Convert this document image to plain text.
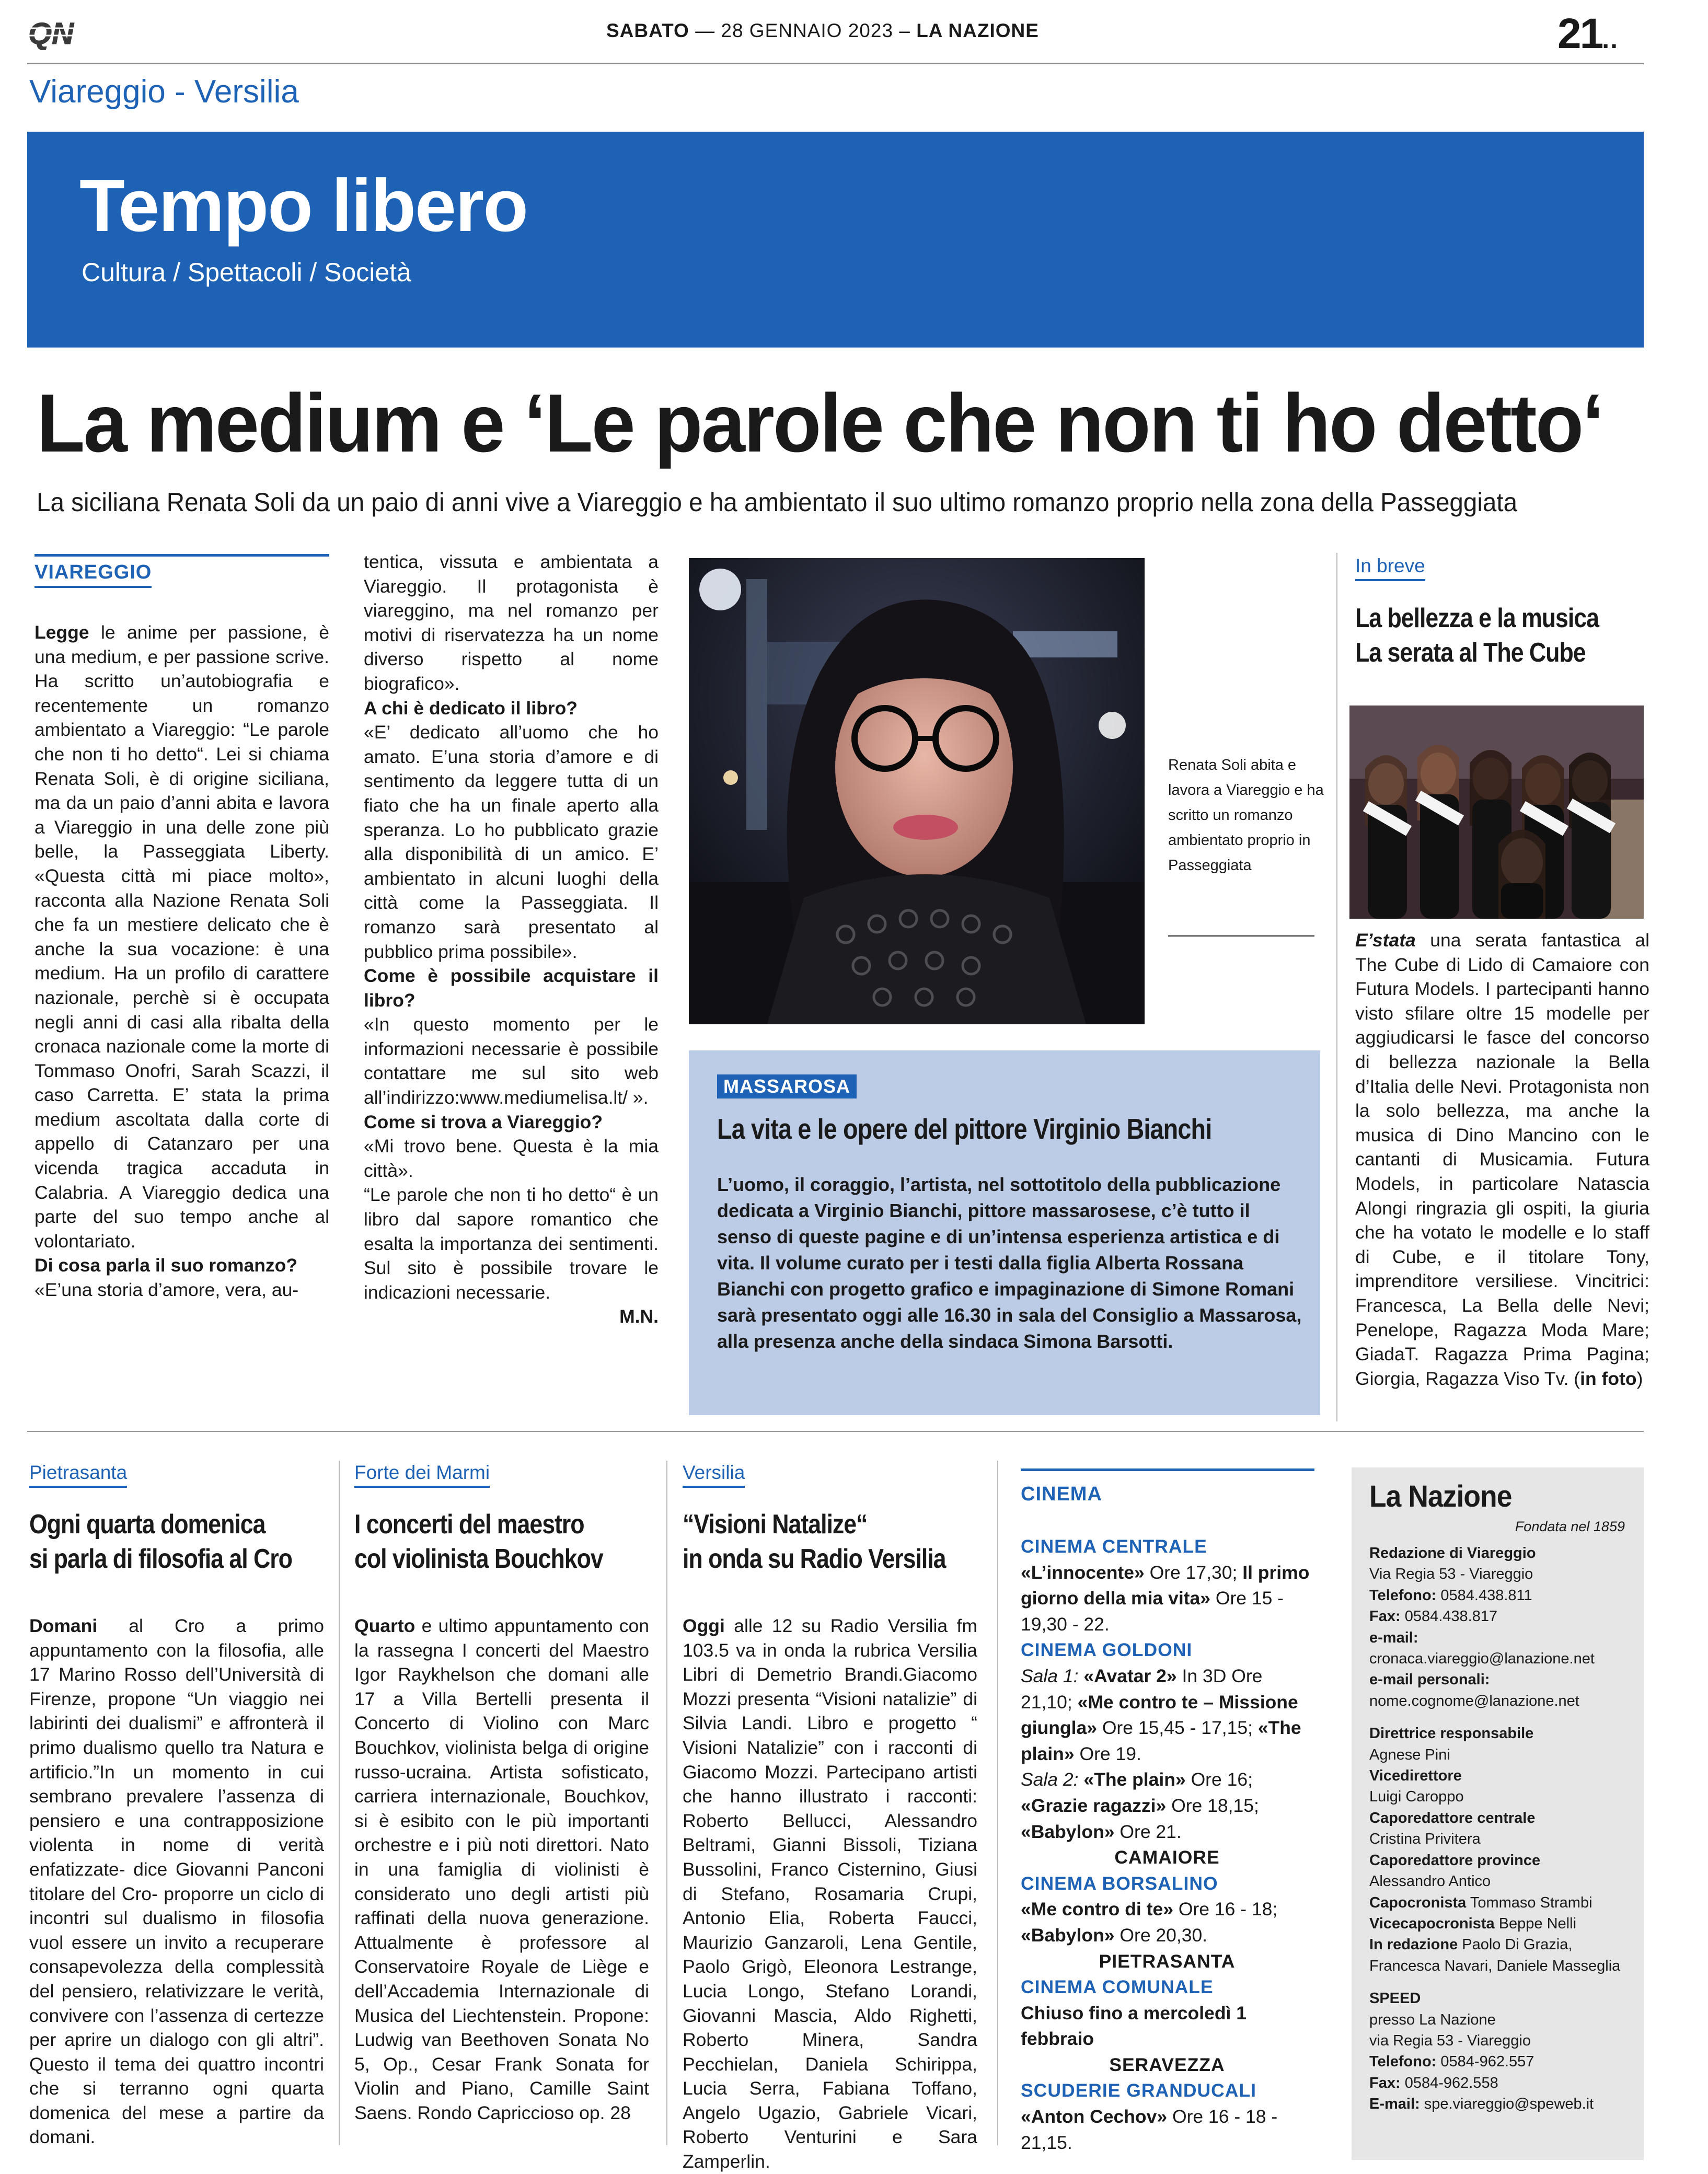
QN	SABATO — 28 GENNAIO 2023 – LA NAZIONE	21..
Viareggio - Versilia
Tempo libero
Cultura / Spettacoli / Società
La medium e ‘Le parole che non ti ho detto‘
La siciliana Renata Soli da un paio di anni vive a Viareggio e ha ambientato il suo ultimo romanzo proprio nella zona della Passeggiata
VIAREGGIO

Legge le anime per passione, è una medium, e per passione scrive. Ha scritto un’autobiografia e recentemente un romanzo ambientato a Viareggio: “Le parole che non ti ho detto“. Lei si chiama Renata Soli, è di origine siciliana, ma da un paio d’anni abita e lavora a Viareggio in una delle zone più belle, la Passeggiata Liberty. «Questa città mi piace molto», racconta alla Nazione Renata Soli che fa un mestiere delicato che è anche la sua vocazione: è una medium. Ha un profilo di carattere nazionale, perchè si è occupata negli anni di casi alla ribalta della cronaca nazionale come la morte di Tommaso Onofri, Sarah Scazzi, il caso Carretta. E’ stata la prima medium ascoltata dalla corte di appello di Catanzaro per una vicenda tragica accaduta in Calabria. A Viareggio dedica una parte del suo tempo anche al volontariato.

Di cosa parla il suo romanzo?

«E’una storia d’amore, vera, au-

tentica, vissuta e ambientata a Viareggio. Il protagonista è viareggino, ma nel romanzo per motivi di riservatezza ha un nome diverso rispetto al nome biografico».

A chi è dedicato il libro?

«E’ dedicato all’uomo che ho amato. E’una storia d’amore e di sentimento da leggere tutta di un fiato che ha un finale aperto alla speranza. Lo ho pubblicato grazie alla disponibilità di un amico. E’ ambientato in alcuni luoghi della città come la Passeggiata. Il romanzo sarà presentato al pubblico prima possibile».

Come è possibile acquistare il libro?

«In questo momento per le informazioni necessarie è possibile contattare me sul sito web all’indirizzo:www.mediumelisa.lt/ ».

Come si trova a Viareggio?

«Mi trovo bene. Questa è la mia città».

“Le parole che non ti ho detto“ è un libro dal sapore romantico che esalta la importanza dei sentimenti. Sul sito è possibile trovare le indicazioni necessarie.

M.N.

Renata Soli abita e lavora a Viareggio e ha scritto un romanzo ambientato proprio in Passeggiata
MASSAROSA
La vita e le opere del pittore Virginio Bianchi
L’uomo, il coraggio, l’artista, nel sottotitolo della pubblicazione dedicata a Virginio Bianchi, pittore massarosese, c’è tutto il senso di queste pagine e di un’intensa esperienza artistica e di vita. Il volume curato per i testi dalla figlia Alberta Rossana Bianchi con progetto grafico e impaginazione di Simone Romani sarà presentato oggi alle 16.30 in sala del Consiglio a Massarosa, alla presenza anche della sindaca Simona Barsotti.
In breve
La bellezza e la musica
La serata al The Cube

E’stata una serata fantastica al The Cube di Lido di Camaiore con Futura Models. I partecipanti hanno visto sfilare oltre 15 modelle per aggiudicarsi le fasce del concorso di bellezza nazionale la Bella d’Italia delle Nevi. Protagonista non la solo bellezza, ma anche la musica di Dino Mancino con le cantanti di Musicamia. Futura Models, in particolare Natascia Alongi ringrazia gli ospiti, la giuria che ha votato le modelle e lo staff di Cube, e il titolare Tony, imprenditore versiliese. Vincitrici: Francesca, La Bella delle Nevi; Penelope, Ragazza Moda Mare; GiadaT. Ragazza Prima Pagina; Giorgia, Ragazza Viso Tv. (in foto)

Pietrasanta
Ogni quarta domenica
si parla di filosofia al Cro

Domani al Cro a primo appuntamento con la filosofia, alle 17 Marino Rosso dell’Università di Firenze, propone “Un viaggio nei labirinti dei dualismi” e affronterà il primo dualismo quello tra Natura e artificio.”In un momento in cui sembrano prevalere l’assenza di pensiero e una contrapposizione violenta in nome di verità enfatizzate- dice Giovanni Panconi titolare del Cro- proporre un ciclo di incontri sul dualismo in filosofia vuol essere un invito a recuperare consapevolezza della complessità del pensiero, relativizzare le verità, convivere con l’assenza di certezze per aprire un dialogo con gli altri”. Questo il tema dei quattro incontri che si terranno ogni quarta domenica del mese a partire da domani.

Forte dei Marmi
I concerti del maestro
col violinista Bouchkov

Quarto e ultimo appuntamento con la rassegna I concerti del Maestro Igor Raykhelson che domani alle 17 a Villa Bertelli presenta il Concerto di Violino con Marc Bouchkov, violinista belga di origine russo-ucraina. Artista sofisticato, carriera internazionale, Bouchkov, si è esibito con le più importanti orchestre e i più noti direttori. Nato in una famiglia di violinisti è considerato uno degli artisti più raffinati della nuova generazione. Attualmente è professore al Conservatoire Royale de Liège e dell’Accademia Internazionale di Musica del Liechtenstein. Propone: Ludwig van Beethoven Sonata No 5, Op., Cesar Frank Sonata for Violin and Piano, Camille Saint Saens. Rondo Capriccioso op. 28

Versilia
“Visioni Natalize“
in onda su Radio Versilia

Oggi alle 12 su Radio Versilia fm 103.5 va in onda la rubrica Versilia Libri di Demetrio Brandi.Giacomo Mozzi presenta “Visioni natalizie” di Silvia Landi. Libro e progetto “ Visioni Natalizie” con i racconti di Giacomo Mozzi. Partecipano artisti che hanno illustrato i racconti: Roberto Bellucci, Alessandro Beltrami, Gianni Bissoli, Tiziana Bussolini, Franco Cisternino, Giusi di Stefano, Rosamaria Crupi, Antonio Elia, Roberta Faucci, Maurizio Ganzaroli, Lena Gentile, Paolo Grigò, Eleonora Lestrange, Lucia Longo, Stefano Lorandi, Giovanni Mascia, Aldo Righetti, Roberto Minera, Sandra Pecchielan, Daniela Schirippa, Lucia Serra, Fabiana Toffano, Angelo Ugazio, Gabriele Vicari, Roberto Venturini e Sara Zamperlin.

CINEMA

CINEMA CENTRALE

«L’innocente» Ore 17,30; Il primo giorno della mia vita» Ore 15 - 19,30 - 22.

CINEMA GOLDONI

Sala 1: «Avatar 2» In 3D Ore 21,10; «Me contro te – Missione giungla» Ore 15,45 - 17,15; «The plain» Ore 19.

Sala 2: «The plain» Ore 16; «Grazie ragazzi» Ore 18,15; «Babylon» Ore 21.

CAMAIORE

CINEMA BORSALINO

«Me contro di te» Ore 16 - 18; «Babylon» Ore 20,30.

PIETRASANTA

CINEMA COMUNALE

Chiuso fino a mercoledì 1 febbraio

SERAVEZZA

SCUDERIE GRANDUCALI

«Anton Cechov» Ore 16 - 18 - 21,15.

La Nazione
Fondata nel 1859

Redazione di Viareggio

Via Regia 53 - Viareggio

Telefono: 0584.438.811

Fax: 0584.438.817

e-mail:

cronaca.viareggio@lanazione.net

e-mail personali:

nome.cognome@lanazione.net

Direttrice responsabile

Agnese Pini

Vicedirettore

Luigi Caroppo

Caporedattore centrale

Cristina Privitera

Caporedattore province

Alessandro Antico

Capocronista Tommaso Strambi

Vicecapocronista Beppe Nelli

In redazione Paolo Di Grazia, Francesca Navari, Daniele Masseglia

SPEED

presso La Nazione

via Regia 53 - Viareggio

Telefono: 0584-962.557

Fax: 0584-962.558

E-mail: spe.viareggio@speweb.it
